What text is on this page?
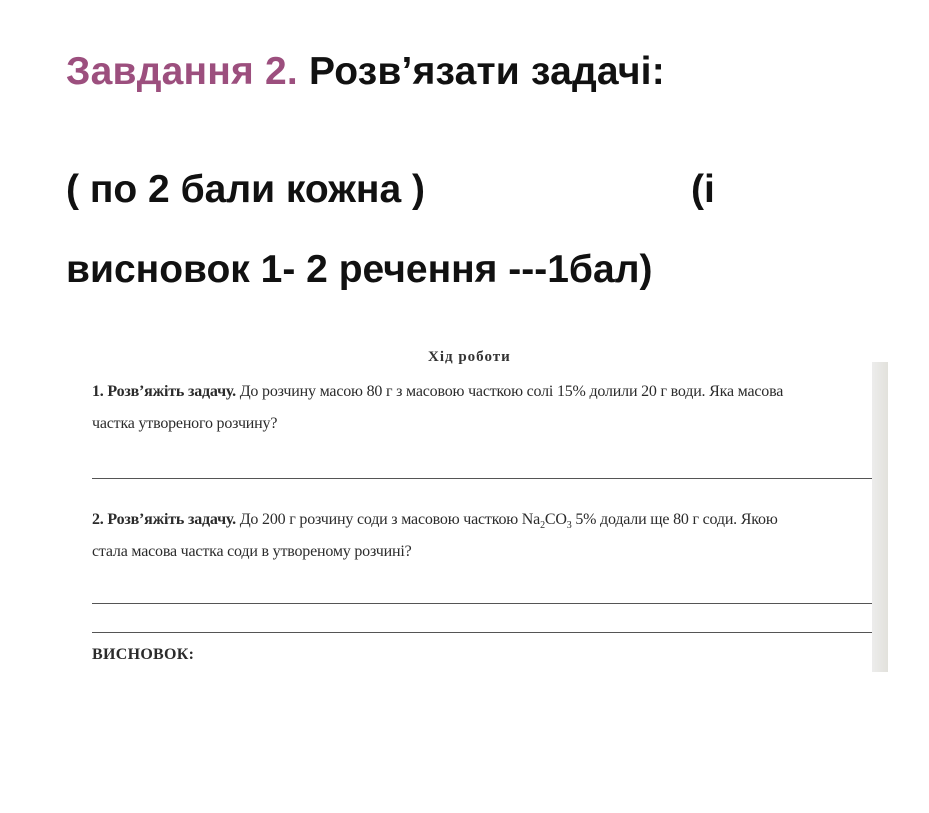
Завдання 2. Розв’язати задачі:
( по 2 бали кожна )	(і
висновок 1- 2 речення ---1бал)
Хід роботи
1. Розв’яжіть задачу. До розчину масою 80 г з масовою часткою солі 15% долили 20 г води. Яка масова
частка утвореного розчину?
2. Розв’яжіть задачу. До 200 г розчину соди з масовою часткою $Na_2CO_3$ 5% додали ще 80 г соди. Якою
стала масова частка соди в утвореному розчині?
ВИСНОВОК:
